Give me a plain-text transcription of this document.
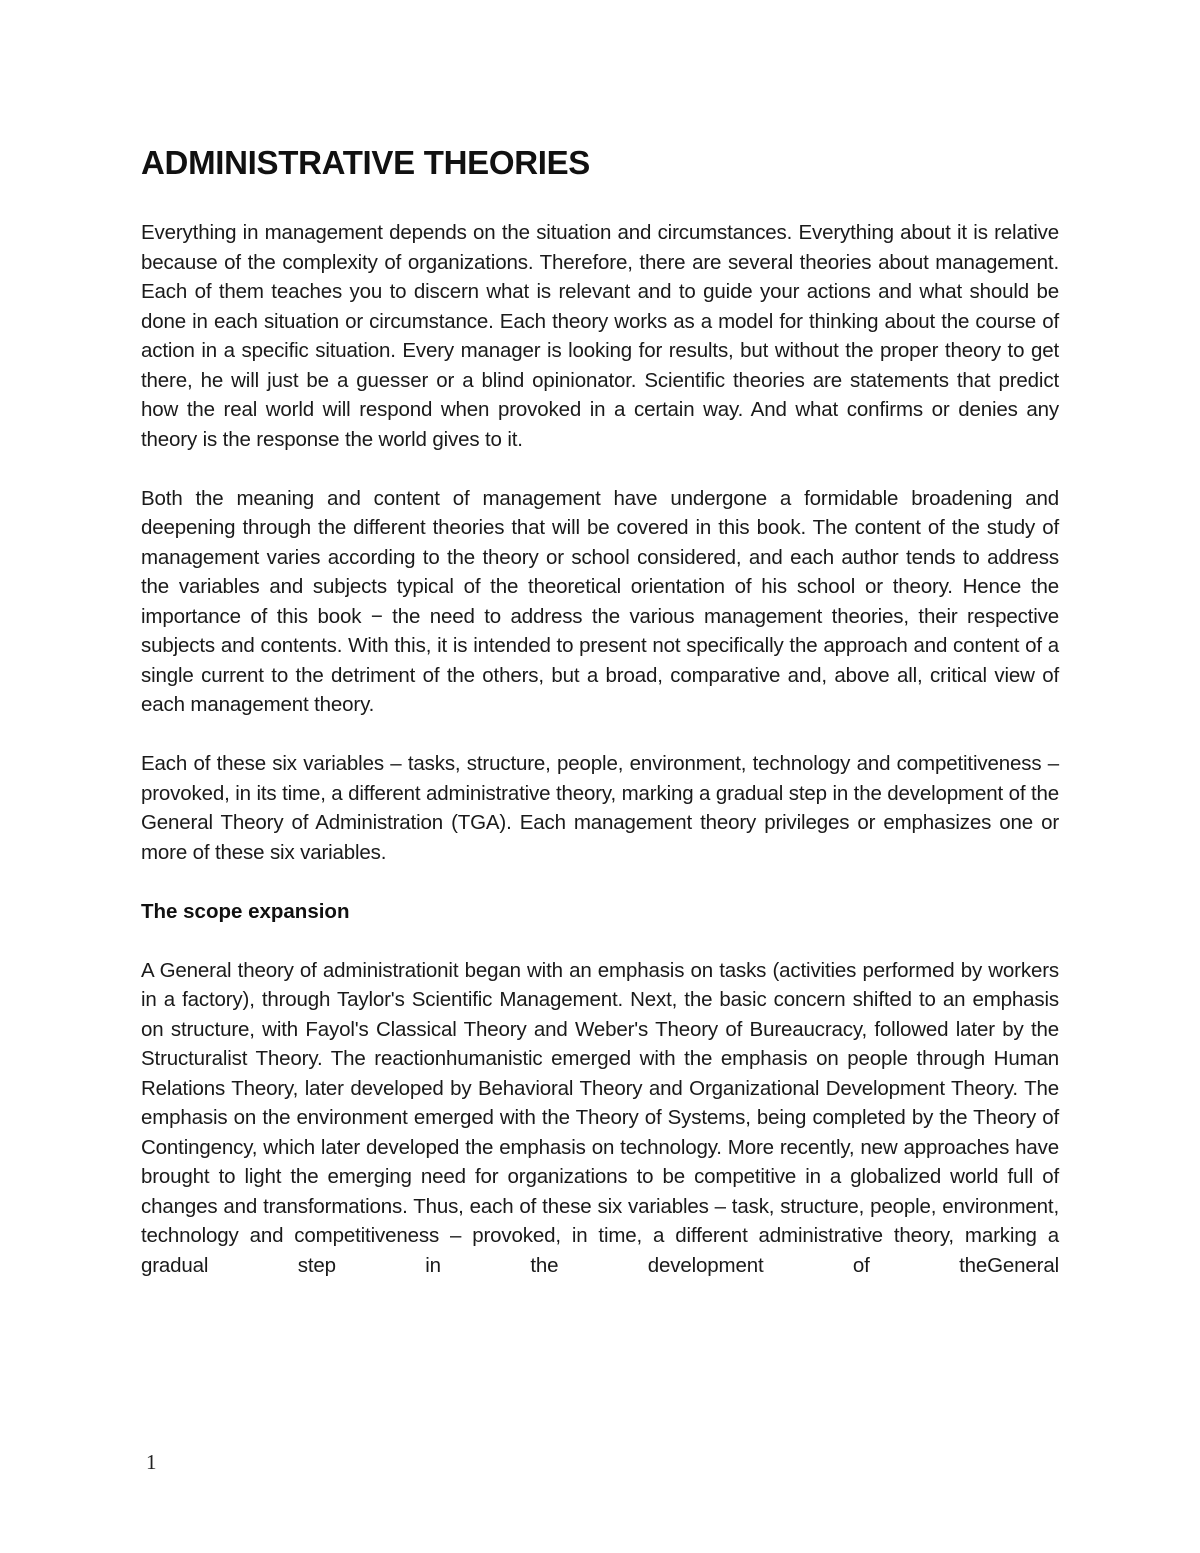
ADMINISTRATIVE THEORIES

Everything in management depends on the situation and circumstances. Everything about it is relative because of the complexity of organizations. Therefore, there are several theories about management. Each of them teaches you to discern what is relevant and to guide your actions and what should be done in each situation or circumstance. Each theory works as a model for thinking about the course of action in a specific situation. Every manager is looking for results, but without the proper theory to get there, he will just be a guesser or a blind opinionator. Scientific theories are statements that predict how the real world will respond when provoked in a certain way. And what confirms or denies any theory is the response the world gives to it.

Both the meaning and content of management have undergone a formidable broadening and deepening through the different theories that will be covered in this book. The content of the study of management varies according to the theory or school considered, and each author tends to address the variables and subjects typical of the theoretical orientation of his school or theory. Hence the importance of this book − the need to address the various management theories, their respective subjects and contents. With this, it is intended to present not specifically the approach and content of a single current to the detriment of the others, but a broad, comparative and, above all, critical view of each management theory.

Each of these six variables – tasks, structure, people, environment, technology and competitiveness – provoked, in its time, a different administrative theory, marking a gradual step in the development of the General Theory of Administration (TGA). Each management theory privileges or emphasizes one or more of these six variables.

The scope expansion

A General theory of administrationit began with an emphasis on tasks (activities performed by workers in a factory), through Taylor's Scientific Management. Next, the basic concern shifted to an emphasis on structure, with Fayol's Classical Theory and Weber's Theory of Bureaucracy, followed later by the Structuralist Theory. The reactionhumanistic emerged with the emphasis on people through Human Relations Theory, later developed by Behavioral Theory and Organizational Development Theory. The emphasis on the environment emerged with the Theory of Systems, being completed by the Theory of Contingency, which later developed the emphasis on technology. More recently, new approaches have brought to light the emerging need for organizations to be competitive in a globalized world full of changes and transformations. Thus, each of these six variables – task, structure, people, environment, technology and competitiveness – provoked, in time, a different administrative theory, marking a gradual step in the development of theGeneral

1
